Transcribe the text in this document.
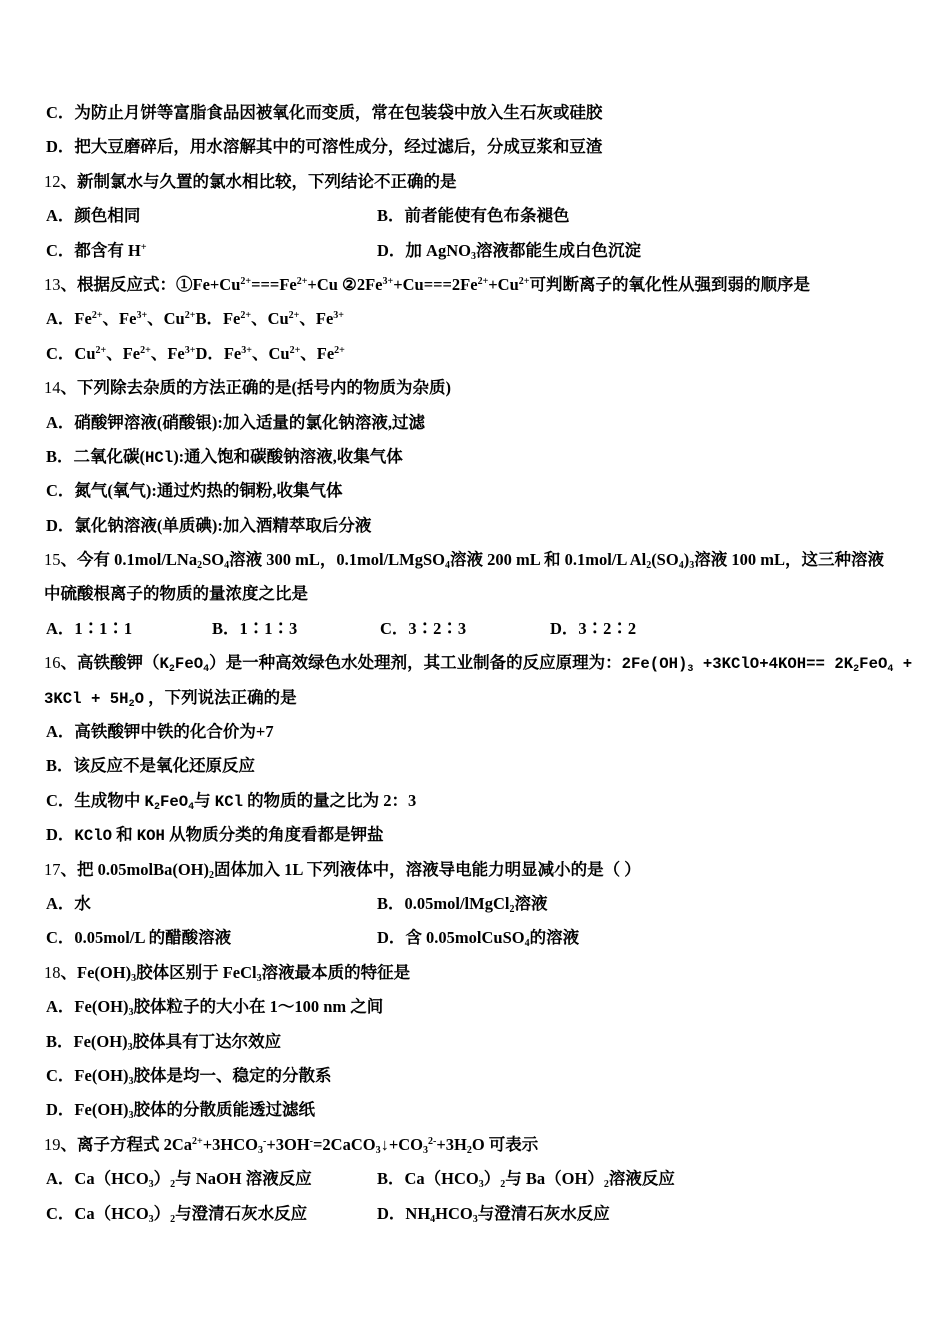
C．为防止月饼等富脂食品因被氧化而变质，常在包装袋中放入生石灰或硅胶
D．把大豆磨碎后，用水溶解其中的可溶性成分，经过滤后，分成豆浆和豆渣
12、新制氯水与久置的氯水相比较，下列结论不正确的是
A．颜色相同	B．前者能使有色布条褪色
C．都含有 H+	D．加 AgNO$_3$溶液都能生成白色沉淀
13、根据反应式：$①Fe+Cu^{2+}===Fe^{2+}+Cu$ $②2Fe^{3+}+Cu===2Fe^{2+}+Cu^{2+}$可判断离子的氧化性从强到弱的顺序是
A．$Fe^{2+}$、$Fe^{3+}$、$Cu^{2+}B$．$Fe^{2+}$、$Cu^{2+}$、$Fe^{3+}$
C．$Cu^{2+}$、$Fe^{2+}$、$Fe^{3+}D$．$Fe^{3+}$、$Cu^{2+}$、$Fe^{2+}$
14、下列除去杂质的方法正确的是(括号内的物质为杂质)
A．硝酸钾溶液(硝酸银):加入适量的氯化钠溶液,过滤
B．二氧化碳(HCl):通入饱和碳酸钠溶液,收集气体
C．氮气(氧气):通过灼热的铜粉,收集气体
D．氯化钠溶液(单质碘):加入酒精萃取后分液
15、今有 $0.1mol/LNa_2SO_4$溶液 300 mL，0.1mol/LMgSO$_4$溶液 200 mL 和 0.1mol/L $Al_2(SO_4)_3$溶液 100 mL，这三种溶液
中硫酸根离子的物质的量浓度之比是
A．1∶1∶1	B．1∶1∶3	C．3∶2∶3	D．3∶2∶2
16、高铁酸钾$(K_2FeO_4)$是一种高效绿色水处理剂，其工业制备的反应原理为：$2Fe(OH)_3$ +3KClO+4KOH== $2K_2FeO_4$ +
$3KCl + 5H_2O$ ，下列说法正确的是
A．高铁酸钾中铁的化合价为+7
B．该反应不是氧化还原反应
C．生成物中 $K_2FeO_4$与 KCl 的物质的量之比为 2：3
D．KClO 和 KOH 从物质分类的角度看都是钾盐
17、把 $0.05molBa(OH)_2$固体加入 1L 下列液体中，溶液导电能力明显减小的是（ ）
A．水	B．0.05mol/lMgCl$_2$溶液
C．0.05mol/L 的醋酸溶液	D．含 0.05molCuSO$_4$的溶液
18、$Fe(OH)_3$胶体区别于 FeCl$_3$溶液最本质的特征是
A．$Fe(OH)_3$胶体粒子的大小在 1～100 nm 之间
B．$Fe(OH)_3$胶体具有丁达尔效应
C．$Fe(OH)_3$胶体是均一、稳定的分散系
D．$Fe(OH)_3$胶体的分散质能透过滤纸
19、离子方程式 $2Ca^{2+}+3HCO_3^-+3OH^-=2CaCO_3↓+CO_3^{2-}+3H_2O$ 可表示
A．$Ca(HCO_3)_2$与 NaOH 溶液反应	B．$Ca(HCO_3)_2$与 $Ba(OH)_2$溶液反应
C．$Ca(HCO_3)_2$与澄清石灰水反应	D．$NH_4HCO_3$与澄清石灰水反应
